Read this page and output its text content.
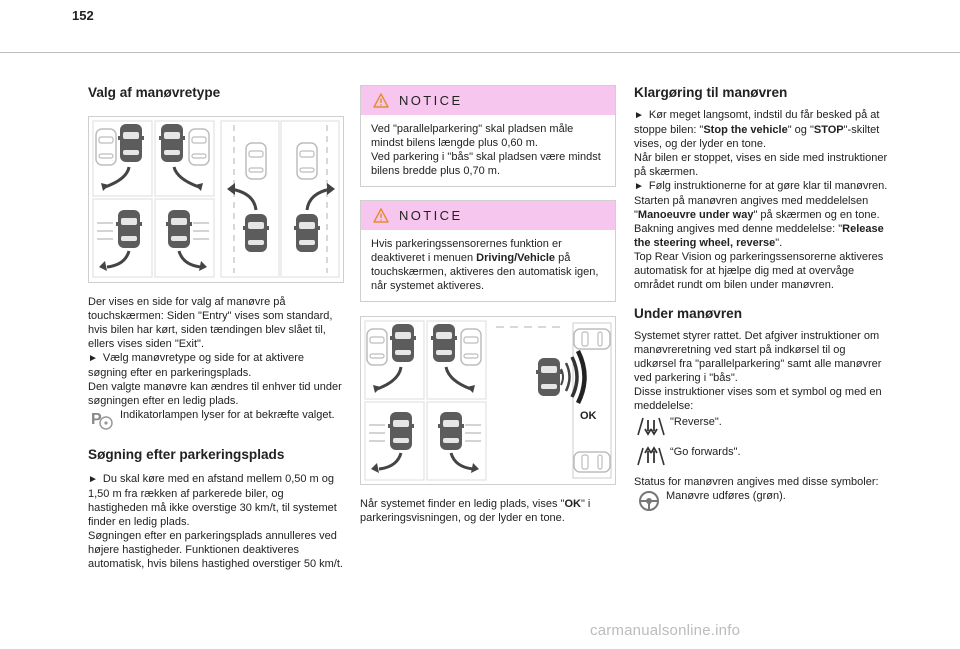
152
Valg af manøvretype

Der vises en side for valg af manøvre på touchskærmen: Siden "Entry" vises som standard, hvis bilen har kørt, siden tændingen blev slået til, ellers vises siden "Exit".

► Vælg manøvretype og side for at aktivere søgning efter en parkeringsplads.

Den valgte manøvre kan ændres til enhver tid under søgningen efter en ledig plads.

P Indikatorlampen lyser for at bekræfte valget.

Søgning efter parkeringsplads

► Du skal køre med en afstand mellem 0,50 m og 1,50 m fra rækken af parkerede biler, og hastigheden må ikke overstige 30 km/t, til systemet finder en ledig plads.

Søgningen efter en parkeringsplads annulleres ved højere hastigheder. Funktionen deaktiveres automatisk, hvis bilens hastighed overstiger 50 km/t.

NOTICE
Ved "parallelparkering" skal pladsen måle mindst bilens længde plus 0,60 m.
Ved parkering i "bås" skal pladsen være mindst bilens bredde plus 0,70 m.
NOTICE
Hvis parkeringssensorernes funktion er deaktiveret i menuen Driving/Vehicle på touchskærmen, aktiveres den automatisk igen, når systemet aktiveres.
OK

Når systemet finder en ledig plads, vises "OK" i parkeringsvisningen, og der lyder en tone.

Klargøring til manøvren

► Kør meget langsomt, indstil du får besked på at stoppe bilen: "Stop the vehicle" og "STOP"-skiltet vises, og der lyder en tone.

Når bilen er stoppet, vises en side med instruktioner på skærmen.

► Følg instruktionerne for at gøre klar til manøvren.

Starten på manøvren angives med meddelelsen "Manoeuvre under way" på skærmen og en tone.

Bakning angives med denne meddelelse: "Release the steering wheel, reverse".

Top Rear Vision og parkeringssensorerne aktiveres automatisk for at hjælpe dig med at overvåge området rundt om bilen under manøvren.

Under manøvren

Systemet styrer rattet. Det afgiver instruktioner om manøvreretning ved start på indkørsel til og udkørsel fra "parallelparkering" samt alle manøvrer ved parkering i "bås".

Disse instruktioner vises som et symbol og med en meddelelse:

"Reverse".

“Go forwards".

Status for manøvren angives med disse symboler:

Manøvre udføres (grøn).

carmanualsonline.info
